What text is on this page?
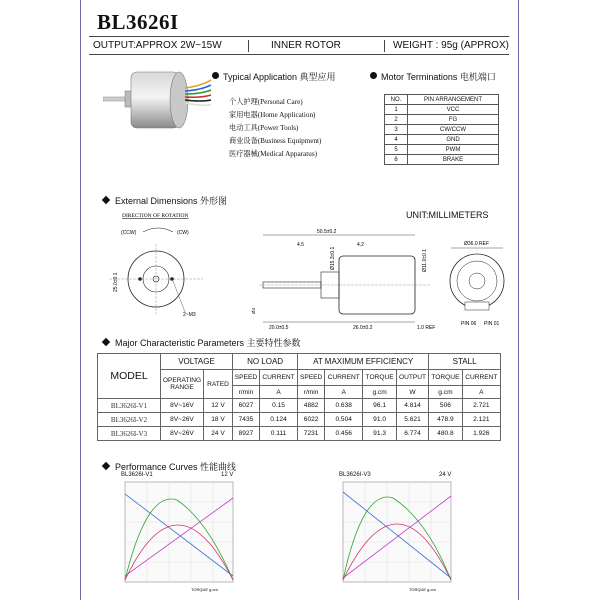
BL3626I
OUTPUT:APPROX 2W~15W	INNER ROTOR	WEIGHT : 95g (APPROX)
Typical Application 典型应用
个人护理(Personal Care)
家用电器(Home Application)
电动工具(Power Tools)
商业设备(Business Equipment)
医疗器械(Medical Apparatus)
Motor Terminations 电机端口
NO.	PIN ARRANGEMENT
1	VCC
2	FG
3	CW/CCW
4	GND
5	PWM
6	BRAKE
External Dimensions 外形图
UNIT:MILLIMETERS
DIRECTION OF ROTATION
(CCW)	(CW)
25.0±0.1
2~M3
50.5±0.2
4.5	4.2
Ø15.3±0.1	Ø11.0±0.1
Ø4
20.0±0.5	26.0±0.2	1.0 REF
Ø36.0 REF
PIN 06 PIN 01
Major Characteristic Parameters 主要特性参数
MODEL	VOLTAGE		NO LOAD		AT MAXIMUM EFFICIENCY				STALL	
	OPERATING RANGE	RATED	SPEED	CURRENT	SPEED	CURRENT	TORQUE	OUTPUT	TORQUE	CURRENT
			r/min	A	r/min	A	g.cm	W	g.cm	A
BL3626I-V1	8V~16V	12 V	6027	0.15	4882	0.638	96.1	4.814	506	2.721
BL3626I-V2	8V~26V	18 V	7435	0.124	6022	0.504	91.0	5.621	478.9	2.121
BL3626I-V3	8V~26V	24 V	8927	0.111	7231	0.456	91.3	6.774	480.8	1.926
Performance Curves 性能曲线
BL3626I-V1	12 V	BL3626I-V3	24 V
TORQUE g.cm	TORQUE g.cm
